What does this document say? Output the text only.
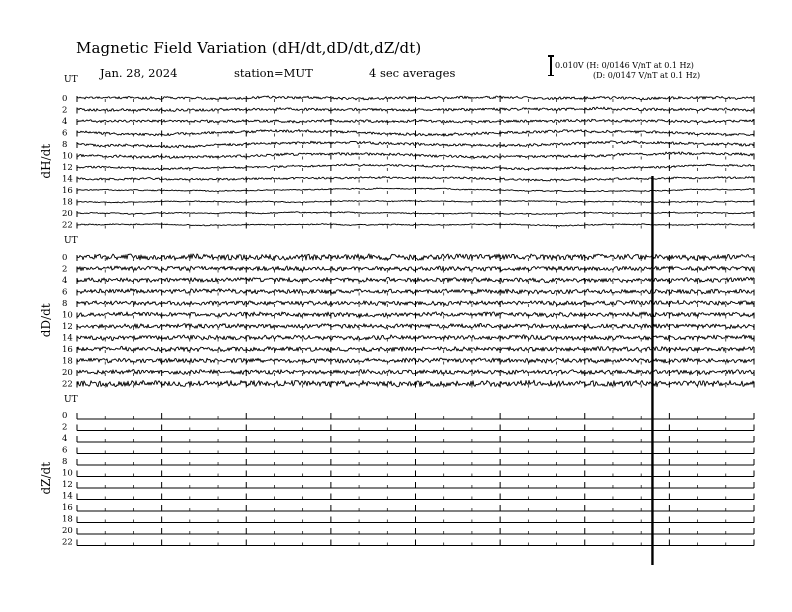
Magnetic Field Variation (dH/dt,dD/dt,dZ/dt)
Jan. 28, 2024	station=MUT	4 sec averages
0.010V (H: 0/0146 V/nT at 0.1 Hz)
(D: 0/0147 V/nT at 0.1 Hz)
UT
dH/dt
0
2
4
6
8
10
12
14
16
18
20
22
UT
dD/dt
0
2
4
6
8
10
12
14
16
18
20
22
UT
dZ/dt
0
2
4
6
8
10
12
14
16
18
20
22
